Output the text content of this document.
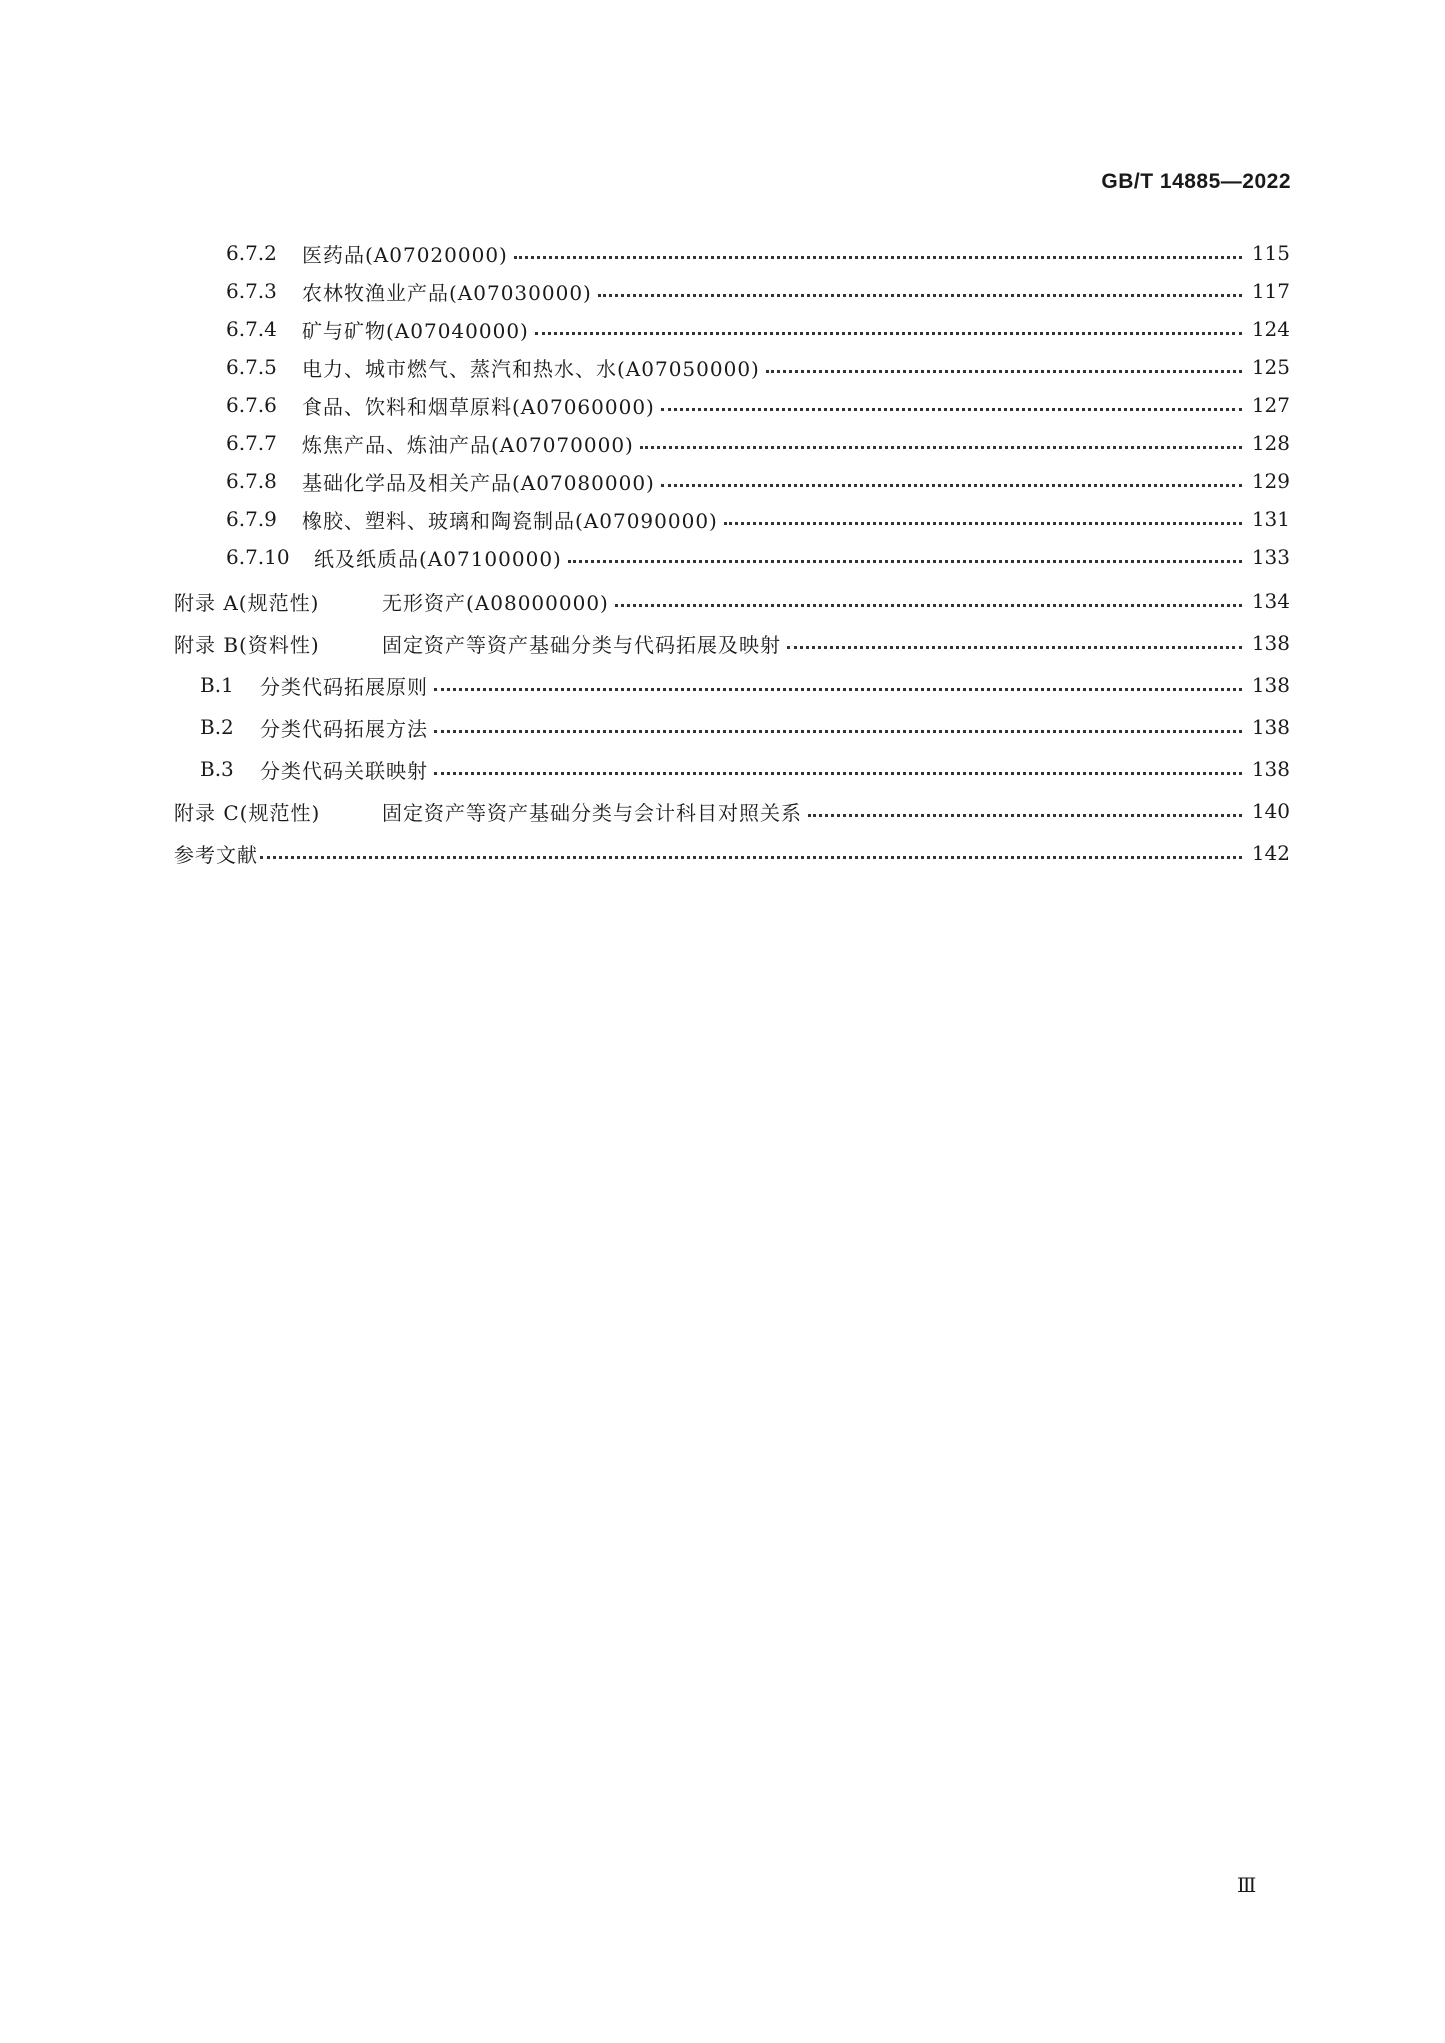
GB/T 14885—2022
6.7.2	医药品(A07020000)	115
6.7.3	农林牧渔业产品(A07030000)	117
6.7.4	矿与矿物(A07040000)	124
6.7.5	电力、城市燃气、蒸汽和热水、水(A07050000)	125
6.7.6	食品、饮料和烟草原料(A07060000)	127
6.7.7	炼焦产品、炼油产品(A07070000)	128
6.7.8	基础化学品及相关产品(A07080000)	129
6.7.9	橡胶、塑料、玻璃和陶瓷制品(A07090000)	131
6.7.10	纸及纸质品(A07100000)	133
附录 A(规范性)	无形资产(A08000000)	134
附录 B(资料性)	固定资产等资产基础分类与代码拓展及映射	138
B.1	分类代码拓展原则	138
B.2	分类代码拓展方法	138
B.3	分类代码关联映射	138
附录 C(规范性)	固定资产等资产基础分类与会计科目对照关系	140
参考文献	142
Ⅲ
